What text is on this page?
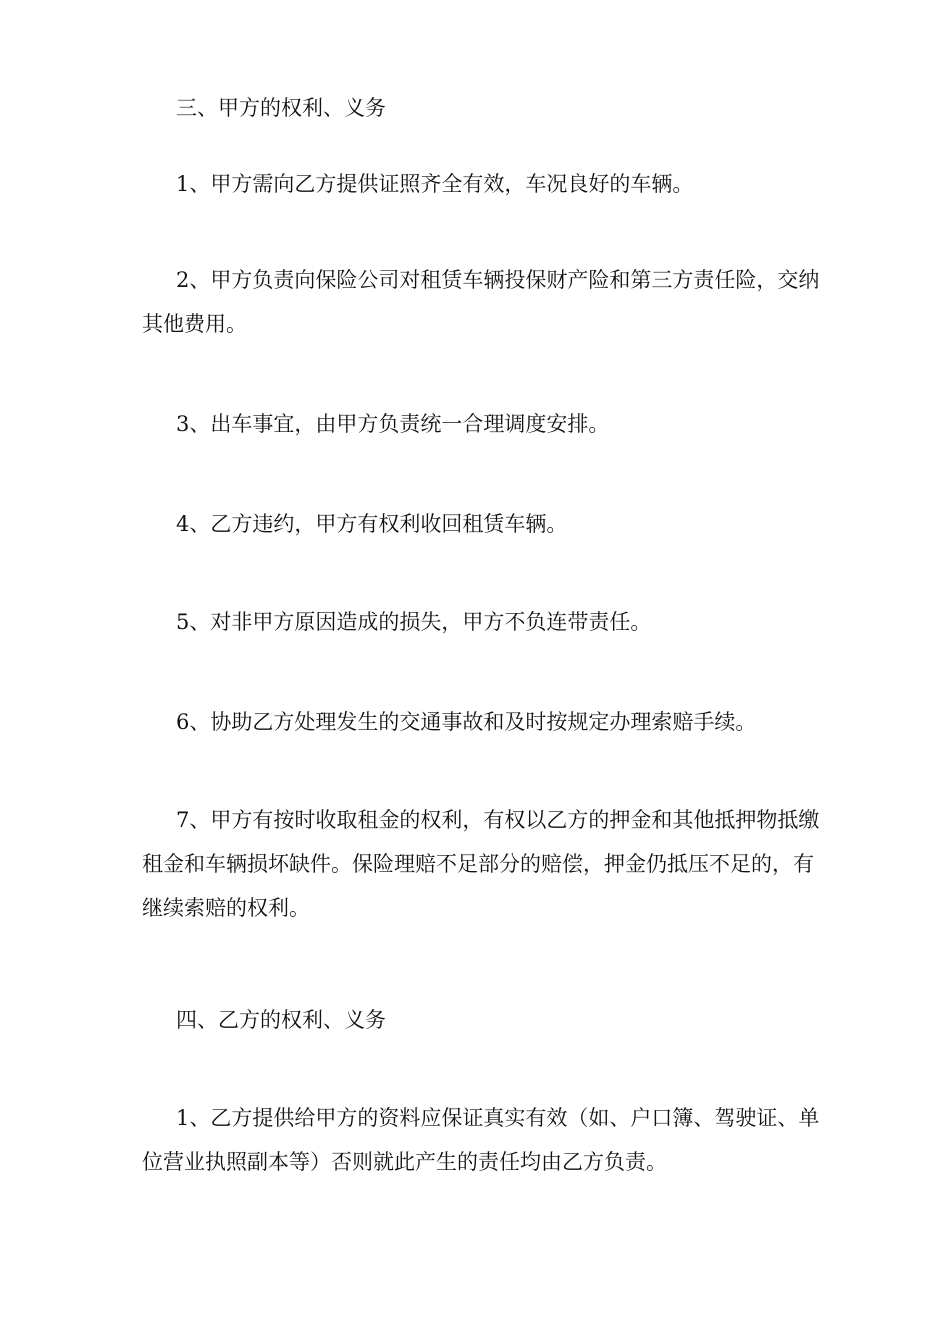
三、甲方的权利、义务

1、甲方需向乙方提供证照齐全有效，车况良好的车辆。

2、甲方负责向保险公司对租赁车辆投保财产险和第三方责任险，交纳其他费用。

3、出车事宜，由甲方负责统一合理调度安排。

4、乙方违约，甲方有权利收回租赁车辆。

5、对非甲方原因造成的损失，甲方不负连带责任。

6、协助乙方处理发生的交通事故和及时按规定办理索赔手续。

7、甲方有按时收取租金的权利，有权以乙方的押金和其他抵押物抵缴租金和车辆损坏缺件。保险理赔不足部分的赔偿，押金仍抵压不足的，有继续索赔的权利。

四、乙方的权利、义务

1、乙方提供给甲方的资料应保证真实有效（如、户口簿、驾驶证、单位营业执照副本等）否则就此产生的责任均由乙方负责。
